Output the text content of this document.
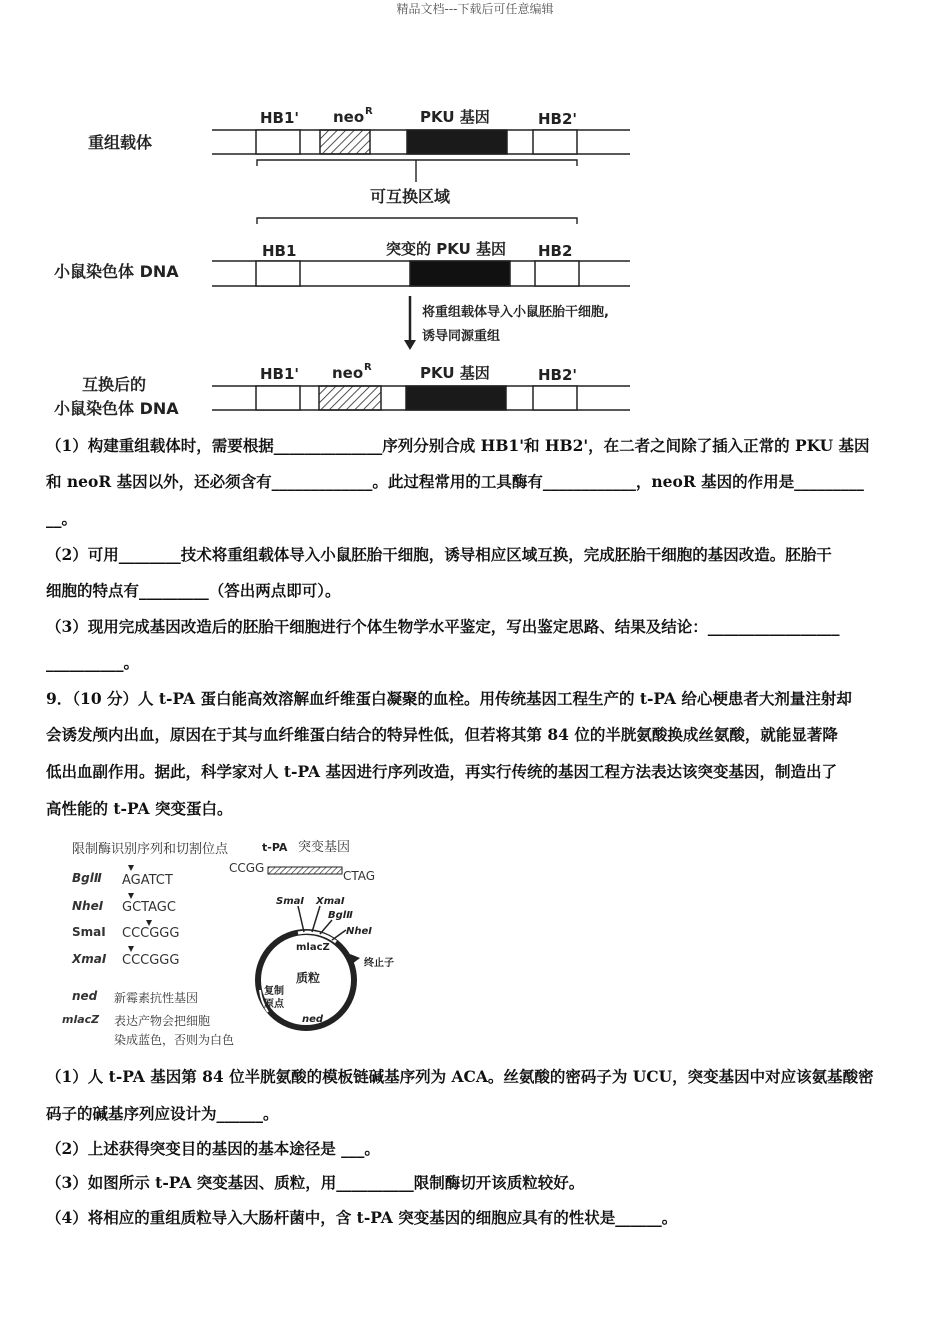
精品文档---下载后可任意编辑
重组载体
小鼠染色体 DNA
互换后的
小鼠染色体 DNA
HB1' neo R	PKU 基因	HB2'
可互换区域
HB1	突变的 PKU 基因 HB2
将重组载体导入小鼠胚胎干细胞,
诱导同源重组
HB1' neo R	PKU 基因	HB2'
（1）构建重组载体时，需要根据______________序列分别合成 HB1'和 HB2'，在二者之间除了插入正常的 PKU 基因
和 neoR 基因以外，还必须含有_____________。此过程常用的工具酶有____________，neoR 基因的作用是_________
__。
（2）可用________技术将重组载体导入小鼠胚胎干细胞，诱导相应区域互换，完成胚胎干细胞的基因改造。胚胎干
细胞的特点有_________（答出两点即可）。
（3）现用完成基因改造后的胚胎干细胞进行个体生物学水平鉴定，写出鉴定思路、结果及结论：_________________
__________。
9．（10 分）人 t-PA 蛋白能高效溶解血纤维蛋白凝聚的血栓。用传统基因工程生产的 t-PA 给心梗患者大剂量注射却
会诱发颅内出血，原因在于其与血纤维蛋白结合的特异性低，但若将其第 84 位的半胱氨酸换成丝氨酸，就能显著降
低出血副作用。据此，科学家对人 t-PA 基因进行序列改造，再实行传统的基因工程方法表达该突变基因，制造出了
高性能的 t-PA 突变蛋白。
限制酶识别序列和切割位点
BglⅡ AGATCT
NheⅠ GCTAGC
SmaⅠ CCCGGG
XmaⅠ CCCGGG
t-PA 突变基因
CCGG
CTAG
SmaⅠ XmaⅠ
BglⅡ
NheⅠ
mlacZ
终止子
质粒
复制
原点
ned
ned 新霉素抗性基因
mlacZ 表达产物会把细胞
染成蓝色，否则为白色
（1）人 t-PA 基因第 84 位半胱氨酸的模板链碱基序列为 ACA。丝氨酸的密码子为 UCU，突变基因中对应该氨基酸密
码子的碱基序列应设计为______。
（2）上述获得突变目的基因的基本途径是 ___。
（3）如图所示 t-PA 突变基因、质粒，用__________限制酶切开该质粒较好。
（4）将相应的重组质粒导入大肠杆菌中，含 t-PA 突变基因的细胞应具有的性状是______。
